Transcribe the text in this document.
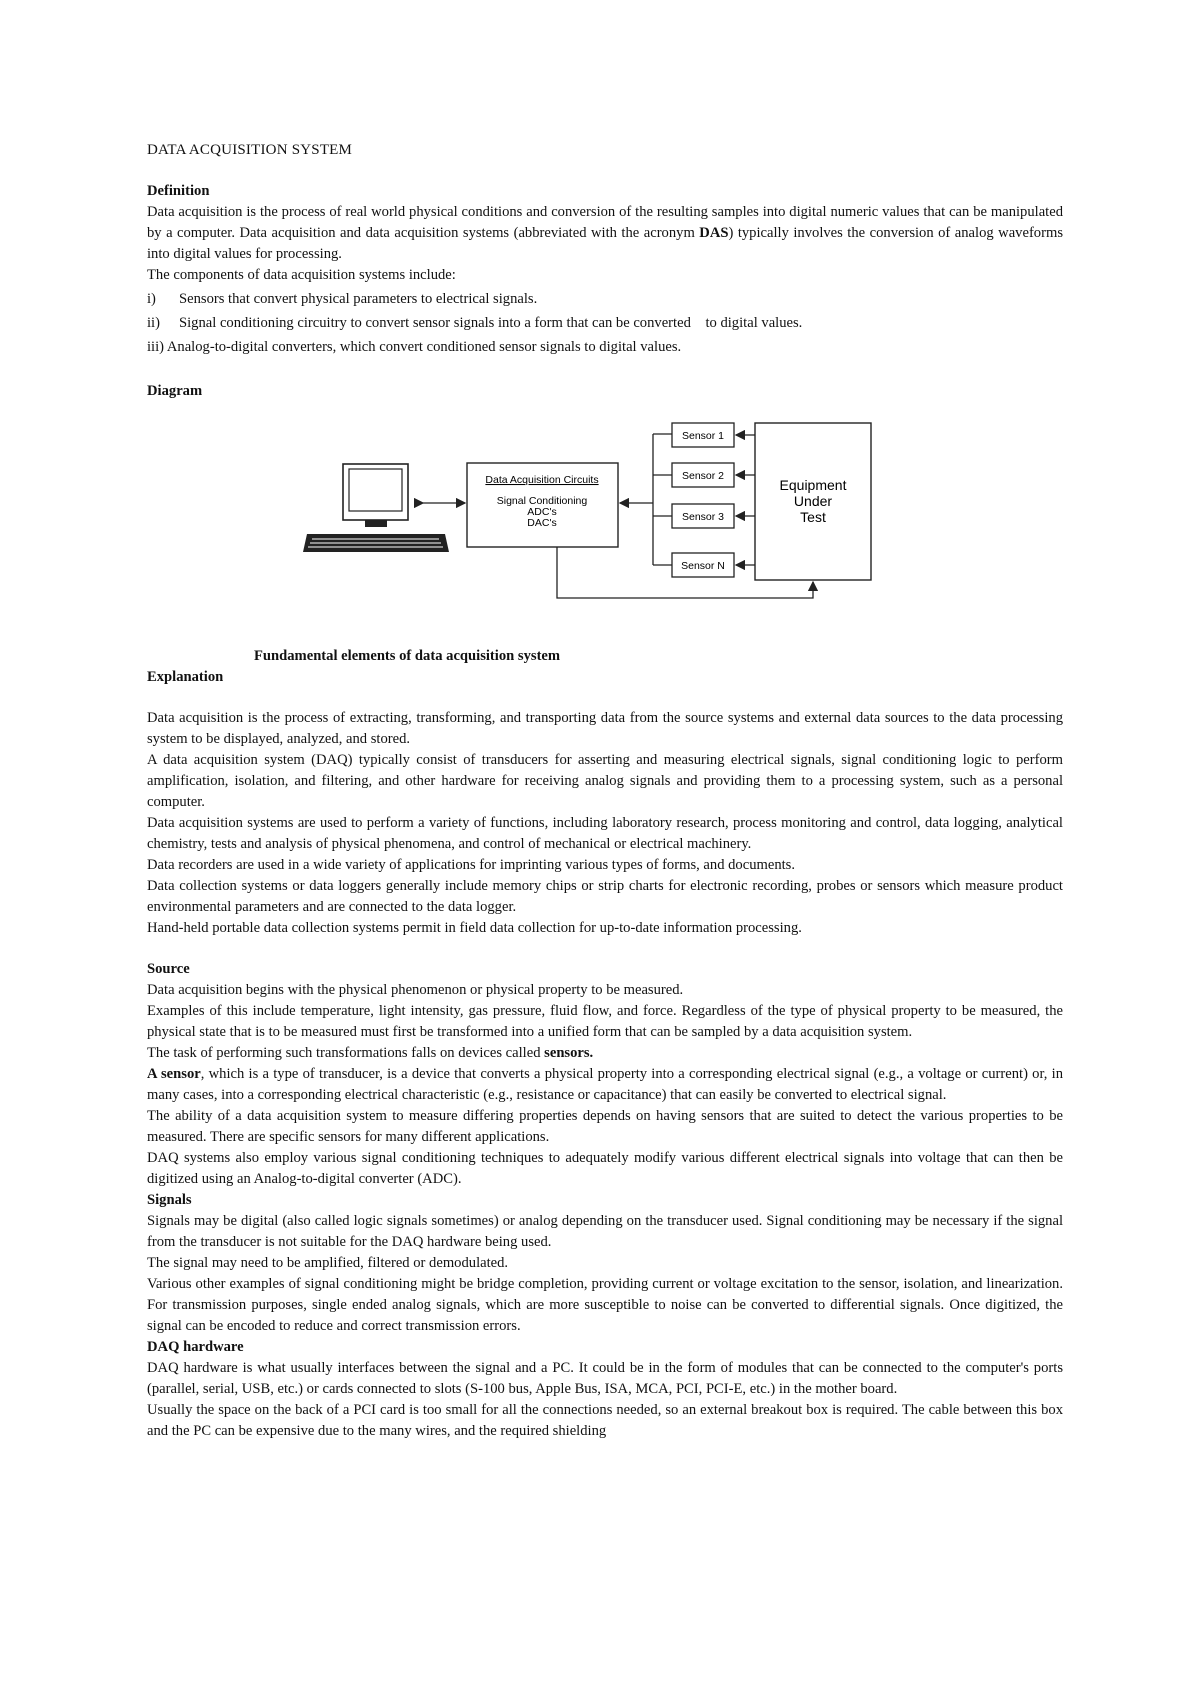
DATA ACQUISITION SYSTEM

Definition

Data acquisition is the process of real world physical conditions and conversion of the resulting samples into digital numeric values that can be manipulated by a computer. Data acquisition and data acquisition systems (abbreviated with the acronym DAS) typically involves the conversion of analog waveforms into digital values for processing.

The components of data acquisition systems include:

i) Sensors that convert physical parameters to electrical signals.

ii) Signal conditioning circuitry to convert sensor signals into a form that can be converted    to digital values.

iii) Analog-to-digital converters, which convert conditioned sensor signals to digital values.

Diagram

Data Acquisition Circuits
Signal Conditioning
ADC's
DAC's
Sensor 1
Sensor 2
Sensor 3
Sensor N
Equipment
Under
Test

Fundamental elements of data acquisition system

Explanation

Data acquisition is the process of extracting, transforming, and transporting data from the source systems and external data sources to the data processing system to be displayed, analyzed, and stored.

A data acquisition system (DAQ) typically consist of transducers for asserting and measuring electrical signals, signal conditioning logic to perform amplification, isolation, and filtering, and other hardware for receiving analog signals and providing them to a processing system, such as a personal computer.

Data acquisition systems are used to perform a variety of functions, including laboratory research, process monitoring and control, data logging, analytical chemistry, tests and analysis of physical phenomena, and control of mechanical or electrical machinery.

Data recorders are used in a wide variety of applications for imprinting various types of forms, and documents.

Data collection systems or data loggers generally include memory chips or strip charts for electronic recording, probes or sensors which measure product environmental parameters and are connected to the data logger.

Hand-held portable data collection systems permit in field data collection for up-to-date information processing.

Source

Data acquisition begins with the physical phenomenon or physical property to be measured.

Examples of this include temperature, light intensity, gas pressure, fluid flow, and force. Regardless of the type of physical property to be measured, the physical state that is to be measured must first be transformed into a unified form that can be sampled by a data acquisition system.

The task of performing such transformations falls on devices called sensors.

A sensor, which is a type of transducer, is a device that converts a physical property into a corresponding electrical signal (e.g., a voltage or current) or, in many cases, into a corresponding electrical characteristic (e.g., resistance or capacitance) that can easily be converted to electrical signal.

The ability of a data acquisition system to measure differing properties depends on having sensors that are suited to detect the various properties to be measured. There are specific sensors for many different applications.

DAQ systems also employ various signal conditioning techniques to adequately modify various different electrical signals into voltage that can then be digitized using an Analog-to-digital converter (ADC).

Signals

Signals may be digital (also called logic signals sometimes) or analog depending on the transducer used. Signal conditioning may be necessary if the signal from the transducer is not suitable for the DAQ hardware being used.

The signal may need to be amplified, filtered or demodulated.

Various other examples of signal conditioning might be bridge completion, providing current or voltage excitation to the sensor, isolation, and linearization. For transmission purposes, single ended analog signals, which are more susceptible to noise can be converted to differential signals. Once digitized, the signal can be encoded to reduce and correct transmission errors.

DAQ hardware

DAQ hardware is what usually interfaces between the signal and a PC. It could be in the form of modules that can be connected to the computer's ports (parallel, serial, USB, etc.) or cards connected to slots (S-100 bus, Apple Bus, ISA, MCA, PCI, PCI-E, etc.) in the mother board.

Usually the space on the back of a PCI card is too small for all the connections needed, so an external breakout box is required. The cable between this box and the PC can be expensive due to the many wires, and the required shielding
